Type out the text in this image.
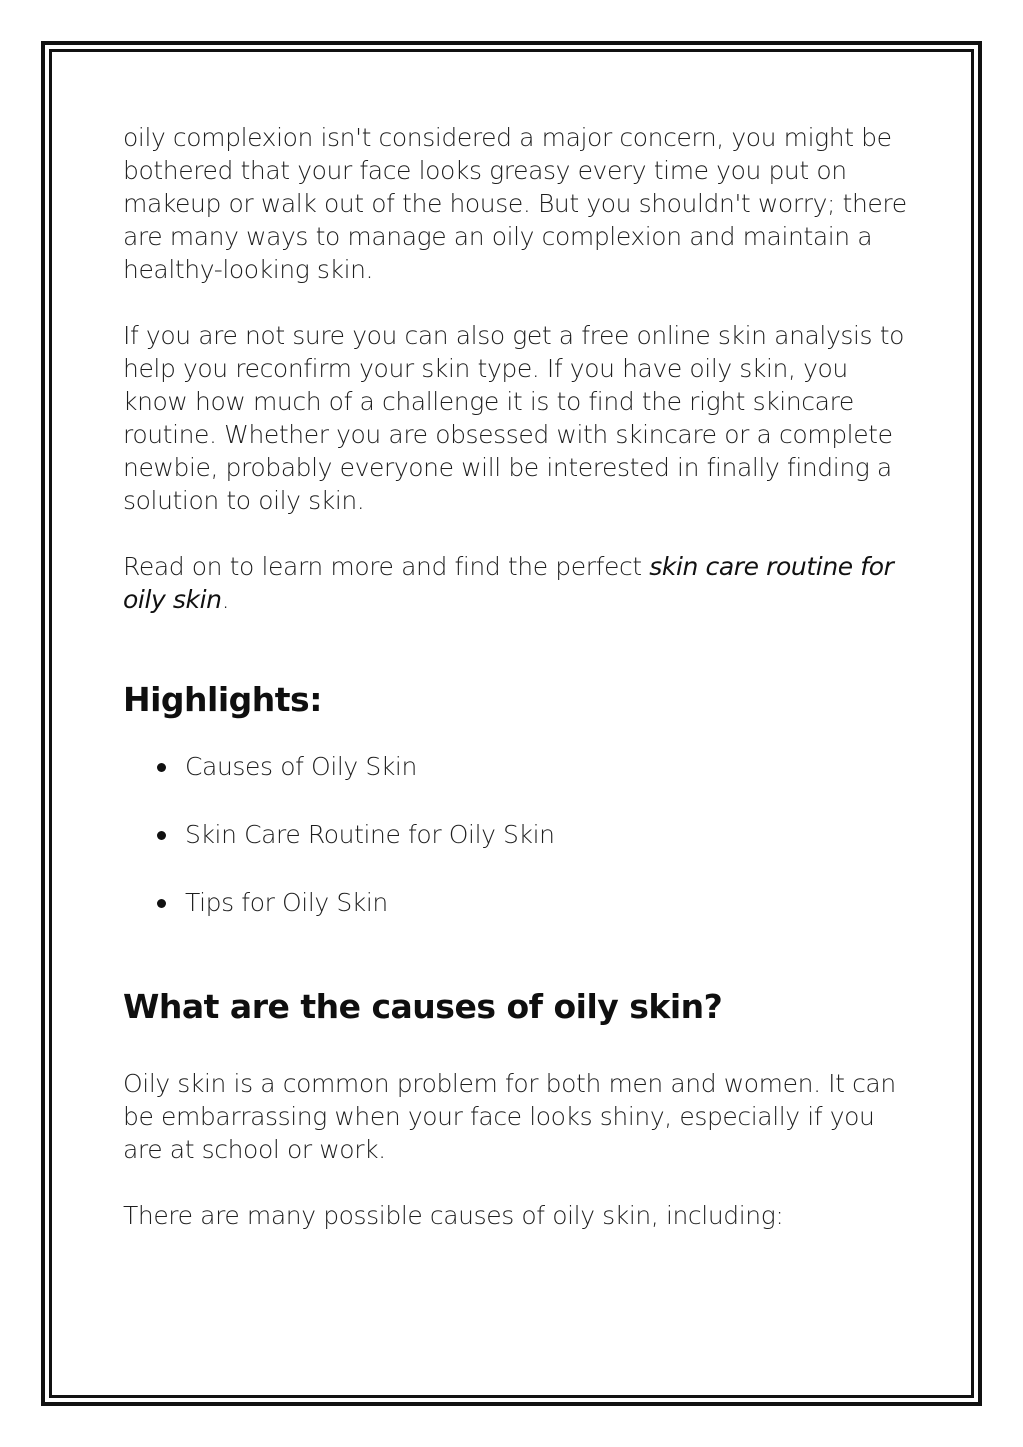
oily complexion isn't considered a major concern, you might be bothered that your face looks greasy every time you put on makeup or walk out of the house. But you shouldn't worry; there are many ways to manage an oily complexion and maintain a healthy-looking skin.

If you are not sure you can also get a free online skin analysis to help you reconfirm your skin type. If you have oily skin, you know how much of a challenge it is to find the right skincare routine. Whether you are obsessed with skincare or a complete newbie, probably everyone will be interested in finally finding a solution to oily skin.

Read on to learn more and find the perfect skin care routine for oily skin.

Highlights:
Causes of Oily Skin
Skin Care Routine for Oily Skin
Tips for Oily Skin
What are the causes of oily skin?

Oily skin is a common problem for both men and women. It can be embarrassing when your face looks shiny, especially if you are at school or work.

There are many possible causes of oily skin, including:
